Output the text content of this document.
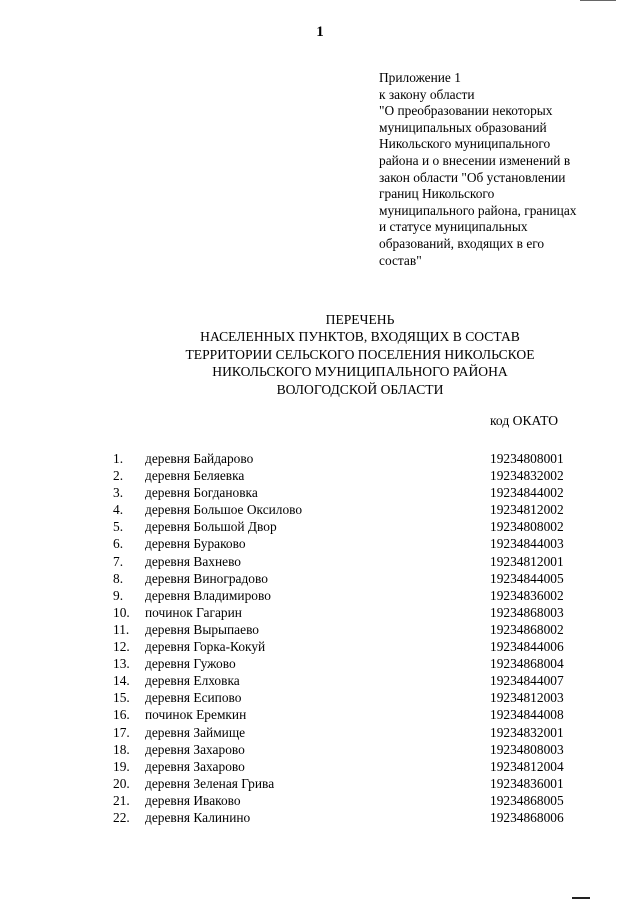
1
Приложение 1
к закону области
"О преобразовании некоторых
муниципальных образований
Никольского муниципального
района и о внесении изменений в
закон области "Об установлении
границ Никольского
муниципального района, границах
и статусе муниципальных
образований, входящих в его
состав"
ПЕРЕЧЕНЬ
НАСЕЛЕННЫХ ПУНКТОВ, ВХОДЯЩИХ В СОСТАВ
ТЕРРИТОРИИ СЕЛЬСКОГО ПОСЕЛЕНИЯ НИКОЛЬСКОЕ
НИКОЛЬСКОГО МУНИЦИПАЛЬНОГО РАЙОНА
ВОЛОГОДСКОЙ ОБЛАСТИ
код ОКАТО
1. деревня Байдарово	19234808001
2. деревня Беляевка	19234832002
3. деревня Богдановка	19234844002
4. деревня Большое Оксилово	19234812002
5. деревня Большой Двор	19234808002
6. деревня Бураково	19234844003
7. деревня Вахнево	19234812001
8. деревня Виноградово	19234844005
9. деревня Владимирово	19234836002
10. починок Гагарин	19234868003
11. деревня Вырыпаево	19234868002
12. деревня Горка-Кокуй	19234844006
13. деревня Гужово	19234868004
14. деревня Елховка	19234844007
15. деревня Есипово	19234812003
16. починок Еремкин	19234844008
17. деревня Займище	19234832001
18. деревня Захарово	19234808003
19. деревня Захарово	19234812004
20. деревня Зеленая Грива	19234836001
21. деревня Иваково	19234868005
22. деревня Калинино	19234868006
